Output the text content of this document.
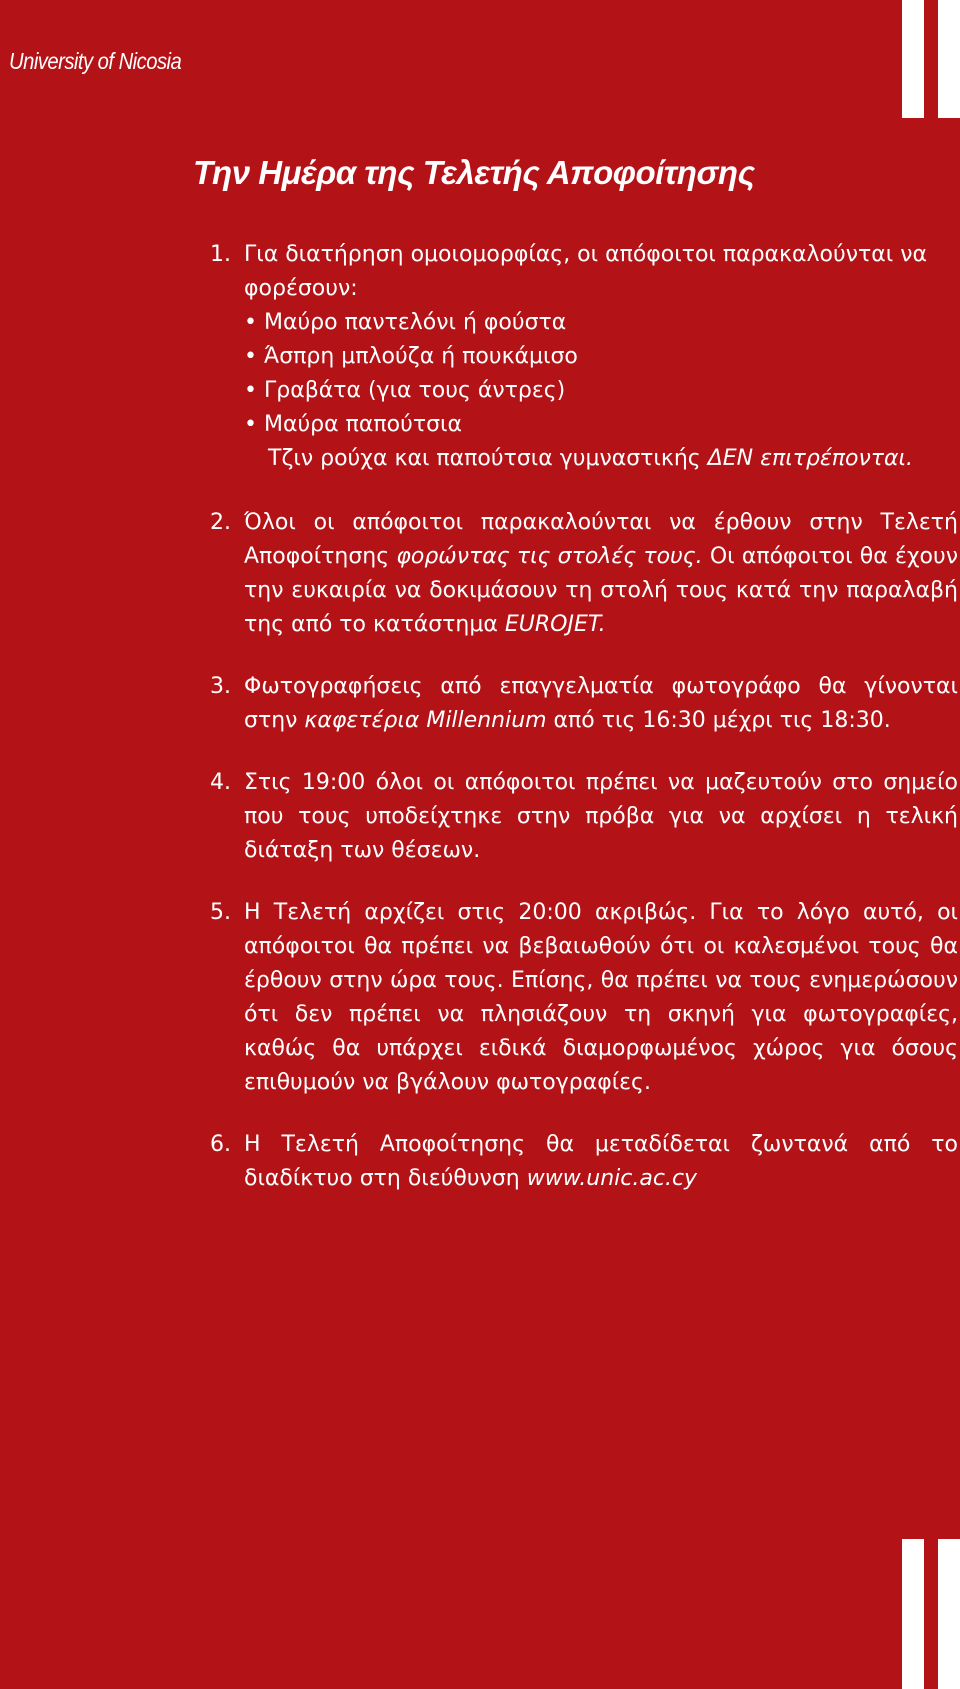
University of Nicosia
Την Ημέρα της Τελετής Αποφοίτησης
1. Για διατήρηση ομοιομορφίας, οι απόφοιτοι παρακαλούνται να φορέσουν:
• Μαύρο παντελόνι ή φούστα
• Άσπρη μπλούζα ή πουκάμισο
• Γραβάτα (για τους άντρες)
• Μαύρα παπούτσια
Τζιν ρούχα και παπούτσια γυμναστικής ΔΕΝ επιτρέπονται.

2. Όλοι οι απόφοιτοι παρακαλούνται να έρθουν στην Τελετή Αποφοίτησης φορώντας τις στολές τους. Οι απόφοιτοι θα έχουν την ευκαιρία να δοκιμάσουν τη στολή τους κατά την παραλαβή της από το κατάστημα EUROJET.

3. Φωτογραφήσεις από επαγγελματία φωτογράφο θα γίνονται στην καφετέρια Millennium από τις 16:30 μέχρι τις 18:30.

4. Στις 19:00 όλοι οι απόφοιτοι πρέπει να μαζευτούν στο σημείο που τους υποδείχτηκε στην πρόβα για να αρχίσει η τελική διάταξη των θέσεων.

5. Η Τελετή αρχίζει στις 20:00 ακριβώς. Για το λόγο αυτό, οι απόφοιτοι θα πρέπει να βεβαιωθούν ότι οι καλεσμένοι τους θα έρθουν στην ώρα τους. Επίσης, θα πρέπει να τους ενημερώσουν ότι δεν πρέπει να πλησιάζουν τη σκηνή για φωτογραφίες, καθώς θα υπάρχει ειδικά διαμορφωμένος χώρος για όσους επιθυμούν να βγάλουν φωτογραφίες.

6. Η Τελετή Αποφοίτησης θα μεταδίδεται ζωντανά από το διαδίκτυο στη διεύθυνση www.unic.ac.cy
